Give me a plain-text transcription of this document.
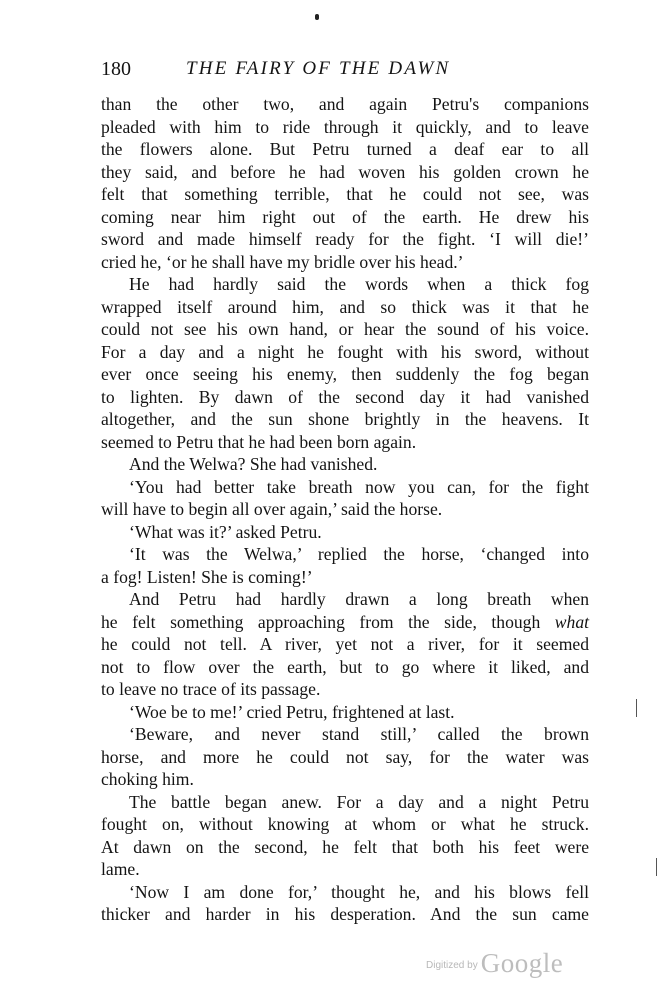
180	THE FAIRY OF THE DAWN
than the other two, and again Petru's companions
pleaded with him to ride through it quickly, and to leave
the flowers alone. But Petru turned a deaf ear to all
they said, and before he had woven his golden crown he
felt that something terrible, that he could not see, was
coming near him right out of the earth. He drew his
sword and made himself ready for the fight. ‘I will die!’
cried he, ‘or he shall have my bridle over his head.’
He had hardly said the words when a thick fog
wrapped itself around him, and so thick was it that he
could not see his own hand, or hear the sound of his voice.
For a day and a night he fought with his sword, without
ever once seeing his enemy, then suddenly the fog began
to lighten. By dawn of the second day it had vanished
altogether, and the sun shone brightly in the heavens. It
seemed to Petru that he had been born again.
And the Welwa? She had vanished.
‘You had better take breath now you can, for the fight
will have to begin all over again,’ said the horse.
‘What was it?’ asked Petru.
‘It was the Welwa,’ replied the horse, ‘changed into
a fog! Listen! She is coming!’
And Petru had hardly drawn a long breath when
he felt something approaching from the side, though what
he could not tell. A river, yet not a river, for it seemed
not to flow over the earth, but to go where it liked, and
to leave no trace of its passage.
‘Woe be to me!’ cried Petru, frightened at last.
‘Beware, and never stand still,’ called the brown
horse, and more he could not say, for the water was
choking him.
The battle began anew. For a day and a night Petru
fought on, without knowing at whom or what he struck.
At dawn on the second, he felt that both his feet were
lame.
‘Now I am done for,’ thought he, and his blows fell
thicker and harder in his desperation. And the sun came
$^{Digitized by}$ Google
